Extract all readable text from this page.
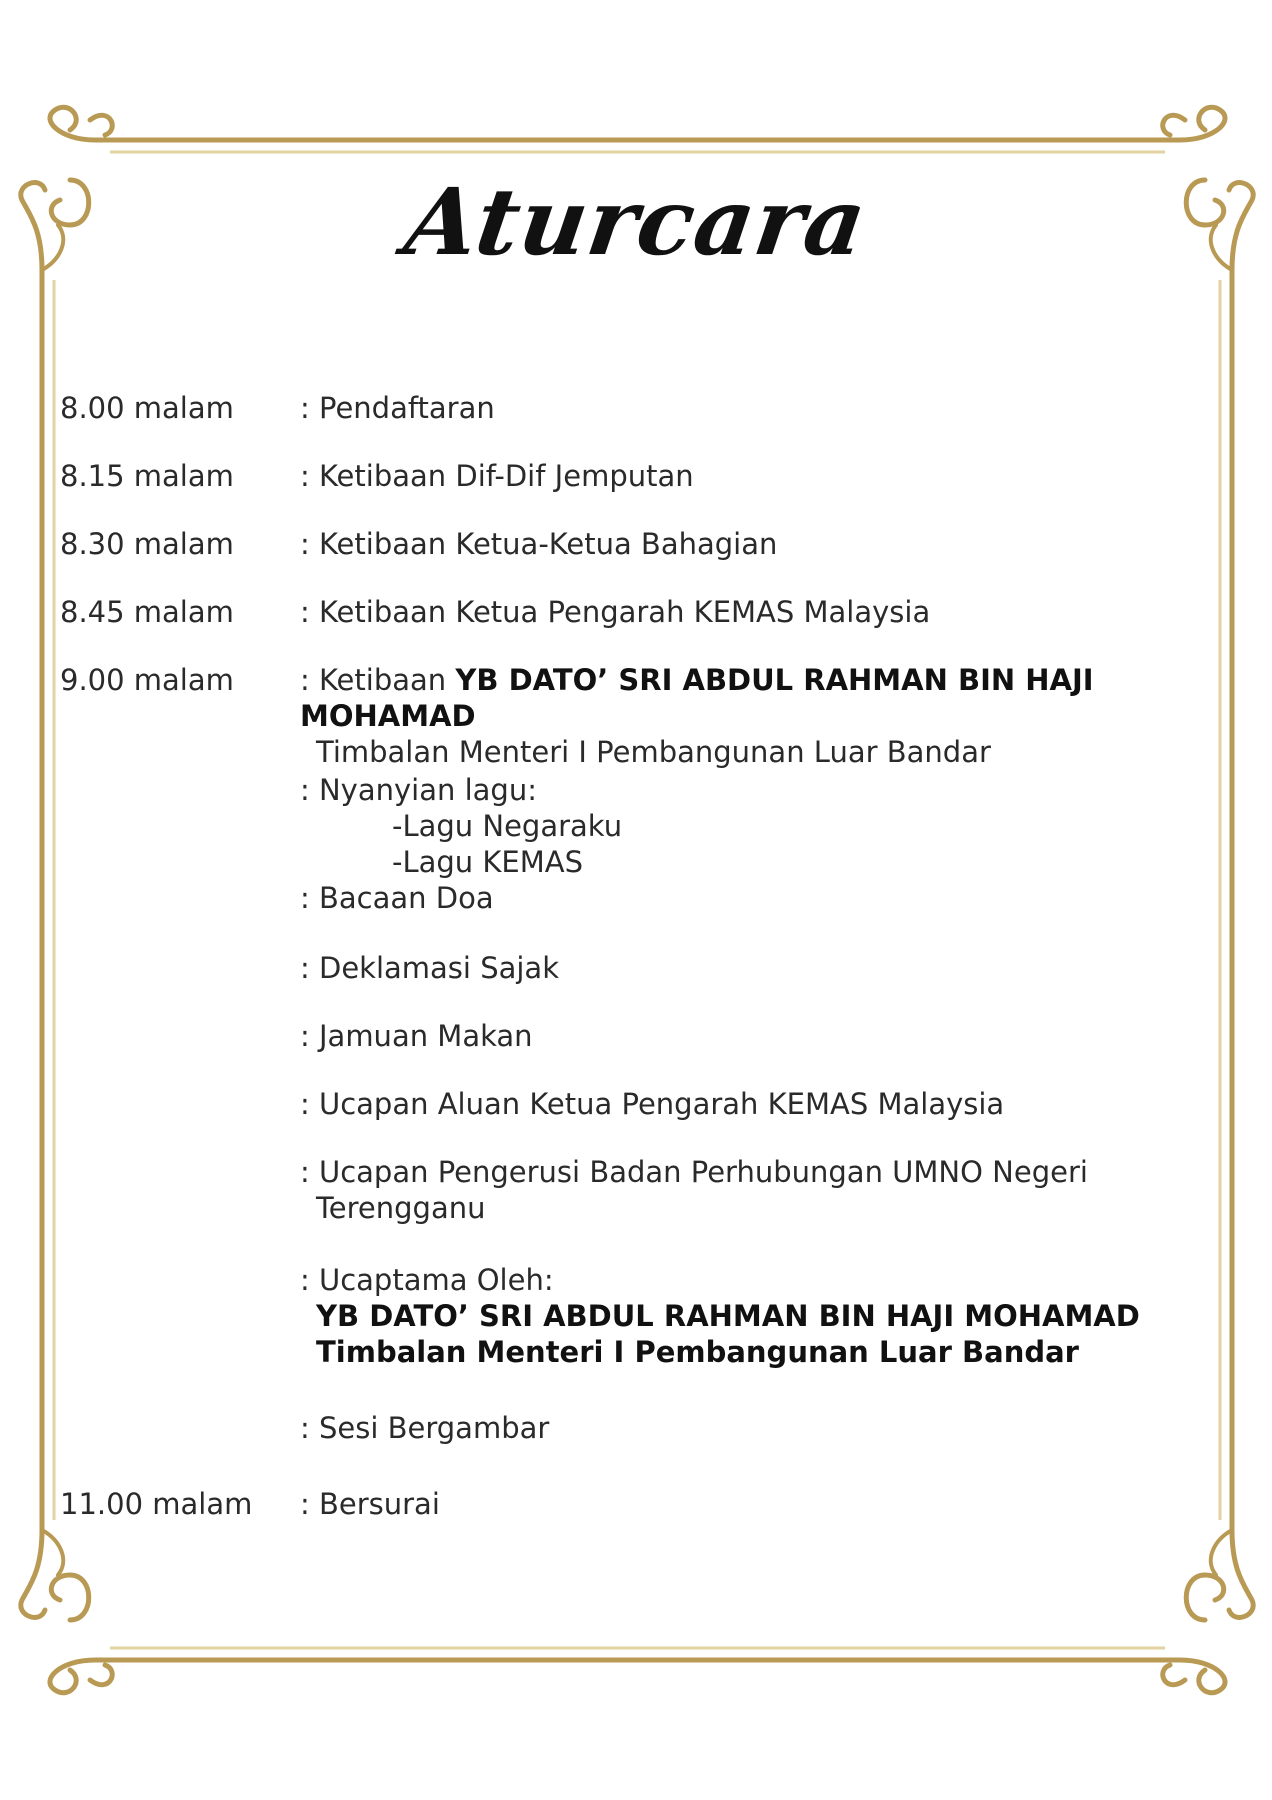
Aturcara
8.00 malam	: Pendaftaran
8.15 malam	: Ketibaan Dif-Dif Jemputan
8.30 malam	: Ketibaan Ketua-Ketua Bahagian
8.45 malam	: Ketibaan Ketua Pengarah KEMAS Malaysia
9.00 malam	: Ketibaan YB DATO’ SRI ABDUL RAHMAN BIN HAJI MOHAMAD
Timbalan Menteri I Pembangunan Luar Bandar
: Nyanyian lagu:
-Lagu Negaraku
-Lagu KEMAS
: Bacaan Doa
: Deklamasi Sajak
: Jamuan Makan
: Ucapan Aluan Ketua Pengarah KEMAS Malaysia
: Ucapan Pengerusi Badan Perhubungan UMNO Negeri
Terengganu
: Ucaptama Oleh:
YB DATO’ SRI ABDUL RAHMAN BIN HAJI MOHAMAD
Timbalan Menteri I Pembangunan Luar Bandar
: Sesi Bergambar
11.00 malam	: Bersurai
